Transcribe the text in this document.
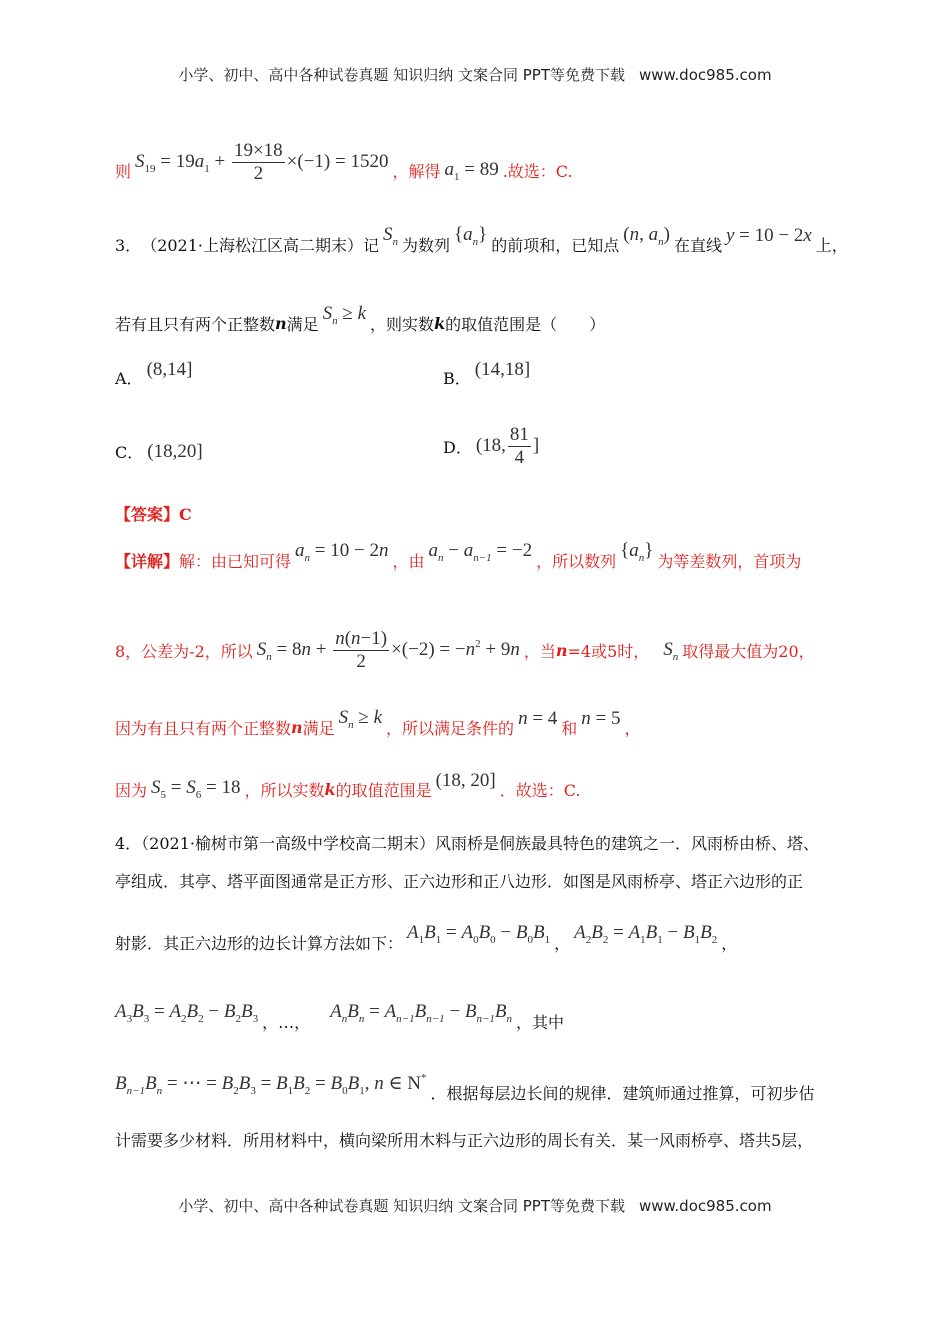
小学、初中、高中各种试卷真题 知识归纳 文案合同 PPT等免费下载 www.doc985.com
则 $S_{19} = 19a_1 + \frac{19\times 18}{2} \times(-1) = 1520$ ，解得 $a_1 = 89$ .故选：C.
3． （2021·上海松江区高二期末）记 $S_n$ 为数列 $\{a_n\}$ 的前项和，已知点 (n, $a_n$) 在直线 y = 10 − 2x 上，
若有且只有两个正整数 n 满足 $S_n \ge k$ ，则实数 k 的取值范围是（　　）
A． (8,14]	B． (14,18]
C． (18,20]	D． (18, $\frac{81}{4}$ ]
【答案】C
【详解】 解：由已知可得 $a_n = 10 - 2n$ ，由 $a_n - a_{n-1} = -2$ ，所以数列 $\{a_n\}$ 为等差数列，首项为
8，公差为-2，所以 $S_n = 8n + \frac{n(n-1)}{2} \times(-2) = -n^2 + 9n$ ，当 n =4或5时， $S_n$ 取得最大值为20，
因为有且只有两个正整数 n 满足 $S_n \ge k$ ，所以满足条件的 n = 4 和 n = 5 ，
因为 $S_5 = S_6 = 18$ ，所以实数 k 的取值范围是 (18, 20] ．故选：C.
4．（2021·榆树市第一高级中学校高二期末）风雨桥是侗族最具特色的建筑之一．风雨桥由桥、塔、
亭组成．其亭、塔平面图通常是正方形、正六边形和正八边形．如图是风雨桥亭、塔正六边形的正
射影．其正六边形的边长计算方法如下： $A_1B_1 = A_0B_0 - B_0B_1$ ， $A_2B_2 = A_1B_1 - B_1B_2$ ，
$A_3B_3 = A_2B_2 - B_2B_3$ ， …， $A_nB_n = A_{n-1}B_{n-1} - B_{n-1}B_n$ ，其中
$B_{n-1}B_n$ = ⋯ = $B_2B_3 = B_1B_2 = B_0B_1$, n ∈ N*
．根据每层边长间的规律．建筑师通过推算，可初步估
计需要多少材料．所用材料中，横向梁所用木料与正六边形的周长有关．某一风雨桥亭、塔共5层，
小学、初中、高中各种试卷真题 知识归纳 文案合同 PPT等免费下载 www.doc985.com
